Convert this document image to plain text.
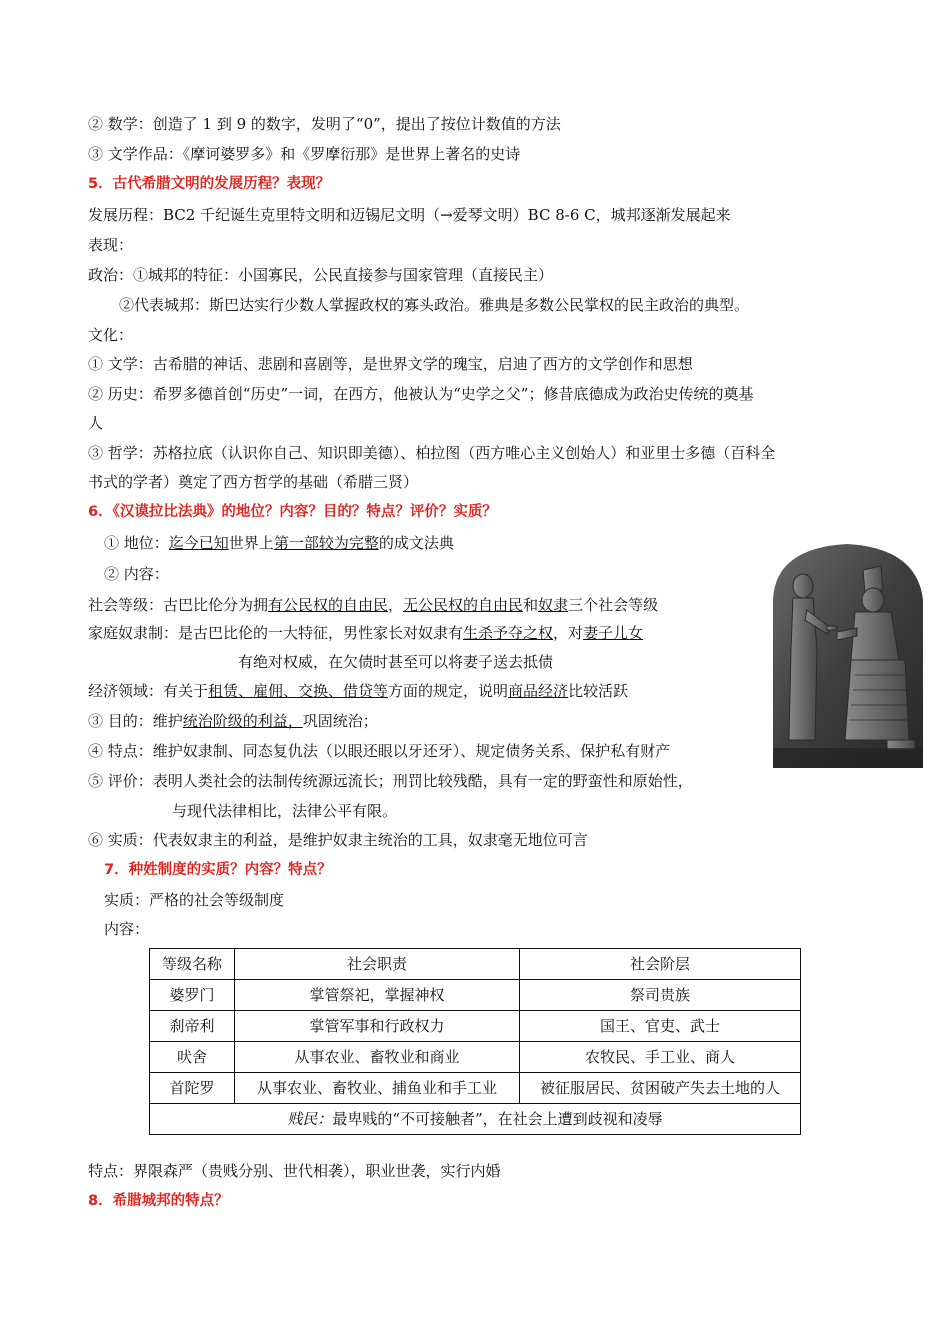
② 数学：创造了 1 到 9 的数字，发明了“0”，提出了按位计数值的方法
③ 文学作品：《摩诃婆罗多》和《罗摩衍那》是世界上著名的史诗
5．古代希腊文明的发展历程？表现？
发展历程：BC2 千纪诞生克里特文明和迈锡尼文明（→爱琴文明）BC 8-6 C，城邦逐渐发展起来
表现：
政治：①城邦的特征：小国寡民，公民直接参与国家管理（直接民主）
②代表城邦：斯巴达实行少数人掌握政权的寡头政治。雅典是多数公民掌权的民主政治的典型。
文化：
① 文学：古希腊的神话、悲剧和喜剧等，是世界文学的瑰宝，启迪了西方的文学创作和思想
② 历史：希罗多德首创“历史”一词，在西方，他被认为“史学之父”；修昔底德成为政治史传统的奠基
人
③ 哲学：苏格拉底（认识你自己、知识即美德）、柏拉图（西方唯心主义创始人）和亚里士多德（百科全
书式的学者）奠定了西方哲学的基础（希腊三贤）
6．《汉谟拉比法典》的地位？内容？目的？特点？评价？实质？
① 地位：迄今已知世界上第一部较为完整的成文法典
② 内容：
社会等级：古巴比伦分为拥有公民权的自由民，无公民权的自由民和奴隶三个社会等级
家庭奴隶制：是古巴比伦的一大特征，男性家长对奴隶有生杀予夺之权，对妻子儿女
有绝对权威，在欠债时甚至可以将妻子送去抵债
经济领域：有关于租赁、雇佣、交换、借贷等方面的规定，说明商品经济比较活跃
③ 目的：维护统治阶级的利益，巩固统治；
④ 特点：维护奴隶制、同态复仇法（以眼还眼以牙还牙）、规定债务关系、保护私有财产
⑤ 评价：表明人类社会的法制传统源远流长；刑罚比较残酷，具有一定的野蛮性和原始性，
与现代法律相比，法律公平有限。
⑥ 实质：代表奴隶主的利益，是维护奴隶主统治的工具，奴隶毫无地位可言
7．种姓制度的实质？内容？特点？
实质：严格的社会等级制度
内容：
等级名称	社会职责	社会阶层
婆罗门	掌管祭祀，掌握神权	祭司贵族
刹帝利	掌管军事和行政权力	国王、官吏、武士
吠舍	从事农业、畜牧业和商业	农牧民、手工业、商人
首陀罗	从事农业、畜牧业、捕鱼业和手工业	被征服居民、贫困破产失去土地的人
贱民：最卑贱的“不可接触者”，在社会上遭到歧视和凌辱		
特点：界限森严（贵贱分别、世代相袭），职业世袭，实行内婚
8．希腊城邦的特点？
